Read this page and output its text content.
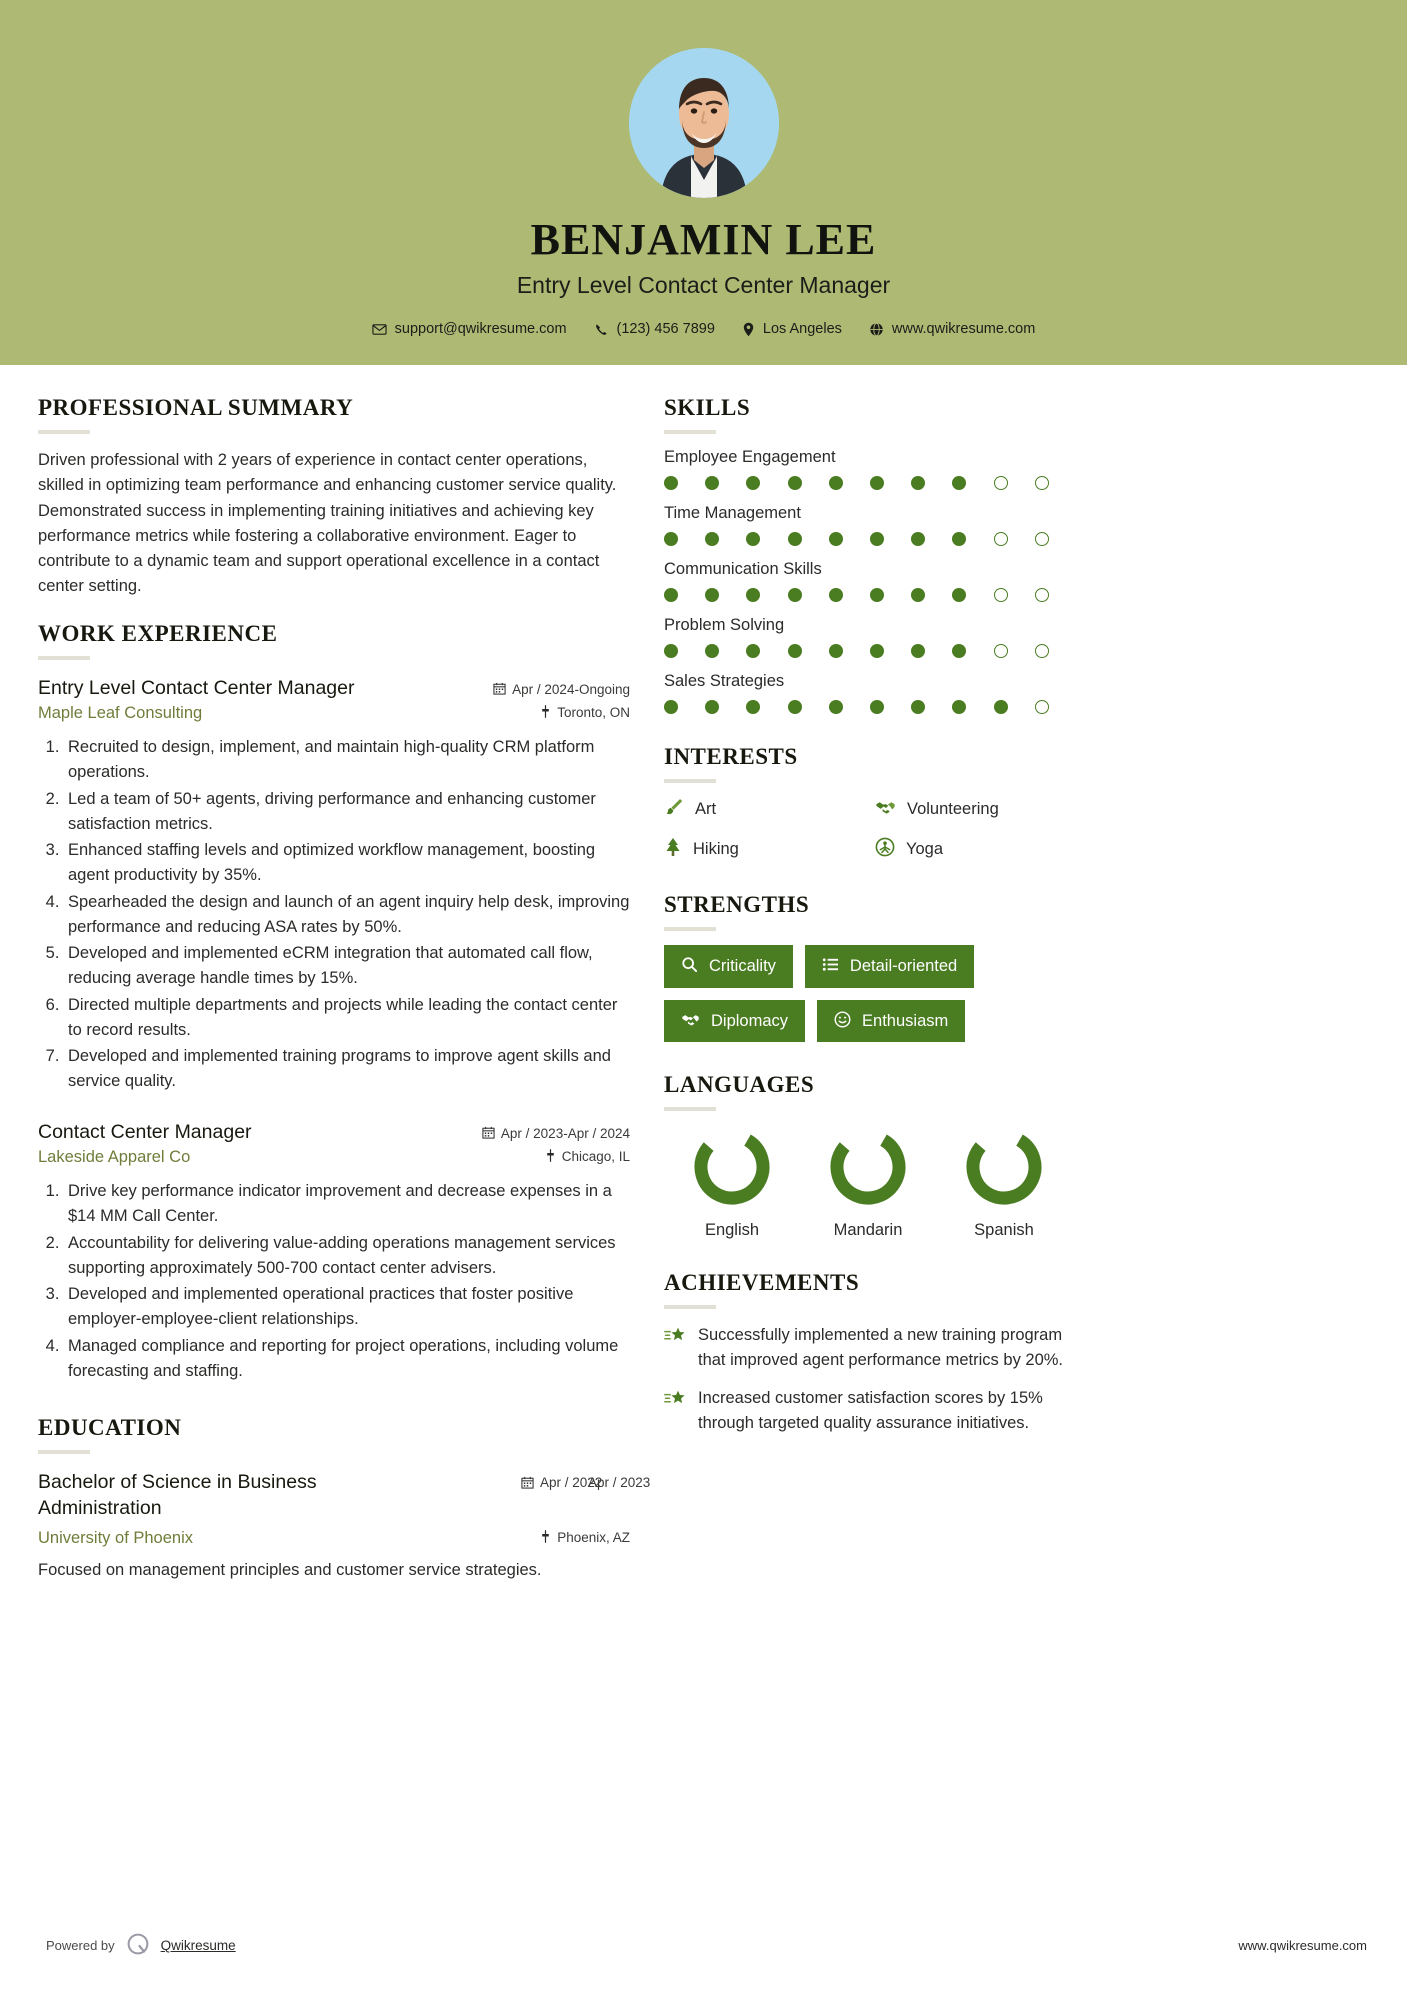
BENJAMIN LEE
Entry Level Contact Center Manager
support@qwikresume.com	(123) 456 7899	Los Angeles	www.qwikresume.com
PROFESSIONAL SUMMARY
Driven professional with 2 years of experience in contact center operations, skilled in optimizing team performance and enhancing customer service quality. Demonstrated success in implementing training initiatives and achieving key performance metrics while fostering a collaborative environment. Eager to contribute to a dynamic team and support operational excellence in a contact center setting.
WORK EXPERIENCE
Entry Level Contact Center Manager	Apr / 2024-Ongoing
Maple Leaf Consulting	Toronto, ON
1. Recruited to design, implement, and maintain high-quality CRM platform operations.
2. Led a team of 50+ agents, driving performance and enhancing customer satisfaction metrics.
3. Enhanced staffing levels and optimized workflow management, boosting agent productivity by 35%.
4. Spearheaded the design and launch of an agent inquiry help desk, improving performance and reducing ASA rates by 50%.
5. Developed and implemented eCRM integration that automated call flow, reducing average handle times by 15%.
6. Directed multiple departments and projects while leading the contact center to record results.
7. Developed and implemented training programs to improve agent skills and service quality.
Contact Center Manager	Apr / 2023-Apr / 2024
Lakeside Apparel Co	Chicago, IL
1. Drive key performance indicator improvement and decrease expenses in a $14 MM Call Center.
2. Accountability for delivering value-adding operations management services supporting approximately 500-700 contact center advisers.
3. Developed and implemented operational practices that foster positive employer-employee-client relationships.
4. Managed compliance and reporting for project operations, including volume forecasting and staffing.
EDUCATION
Bachelor of Science in Business Administration
Apr / 2022
Apr / 2023
University of Phoenix	Phoenix, AZ
Focused on management principles and customer service strategies.
SKILLS
Employee Engagement
Time Management
Communication Skills
Problem Solving
Sales Strategies
INTERESTS
Art	Volunteering
Hiking	Yoga
STRENGTHS
Criticality	Detail-oriented
Diplomacy	Enthusiasm
LANGUAGES
English	Mandarin	Spanish
ACHIEVEMENTS
Successfully implemented a new training program that improved agent performance metrics by 20%.
Increased customer satisfaction scores by 15% through targeted quality assurance initiatives.
Powered by	Qwikresume	www.qwikresume.com
